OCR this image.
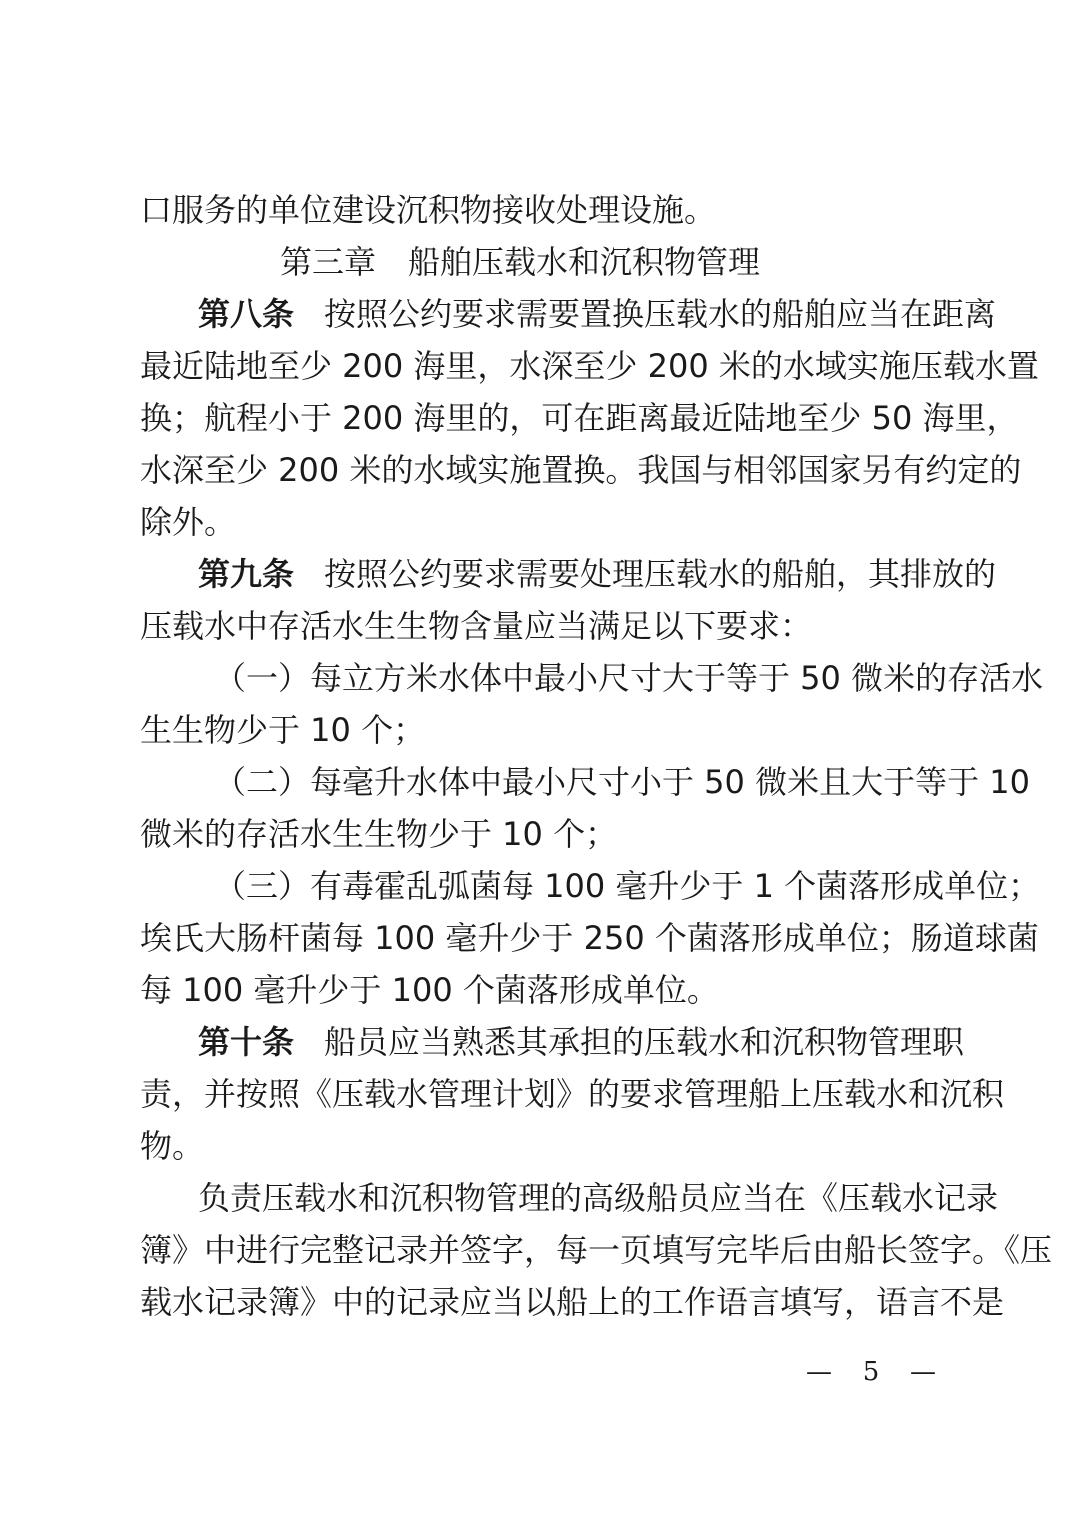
口服务的单位建设沉积物接收处理设施。
第三章　船舶压载水和沉积物管理
第八条 按照公约要求需要置换压载水的船舶应当在距离
最近陆地至少 200 海里，水深至少 200 米的水域实施压载水置
换；航程小于 200 海里的，可在距离最近陆地至少 50 海里，
水深至少 200 米的水域实施置换。我国与相邻国家另有约定的
除外。
第九条 按照公约要求需要处理压载水的船舶，其排放的
压载水中存活水生生物含量应当满足以下要求：
（一）每立方米水体中最小尺寸大于等于 50 微米的存活水
生生物少于 10 个；
（二）每毫升水体中最小尺寸小于 50 微米且大于等于 10
微米的存活水生生物少于 10 个；
（三）有毒霍乱弧菌每 100 毫升少于 1 个菌落形成单位；
埃氏大肠杆菌每 100 毫升少于 250 个菌落形成单位；肠道球菌
每 100 毫升少于 100 个菌落形成单位。
第十条 船员应当熟悉其承担的压载水和沉积物管理职
责，并按照《压载水管理计划》的要求管理船上压载水和沉积
物。
负责压载水和沉积物管理的高级船员应当在《压载水记录
簿》中进行完整记录并签字，每一页填写完毕后由船长签字。《压
载水记录簿》中的记录应当以船上的工作语言填写，语言不是
— 5 —
